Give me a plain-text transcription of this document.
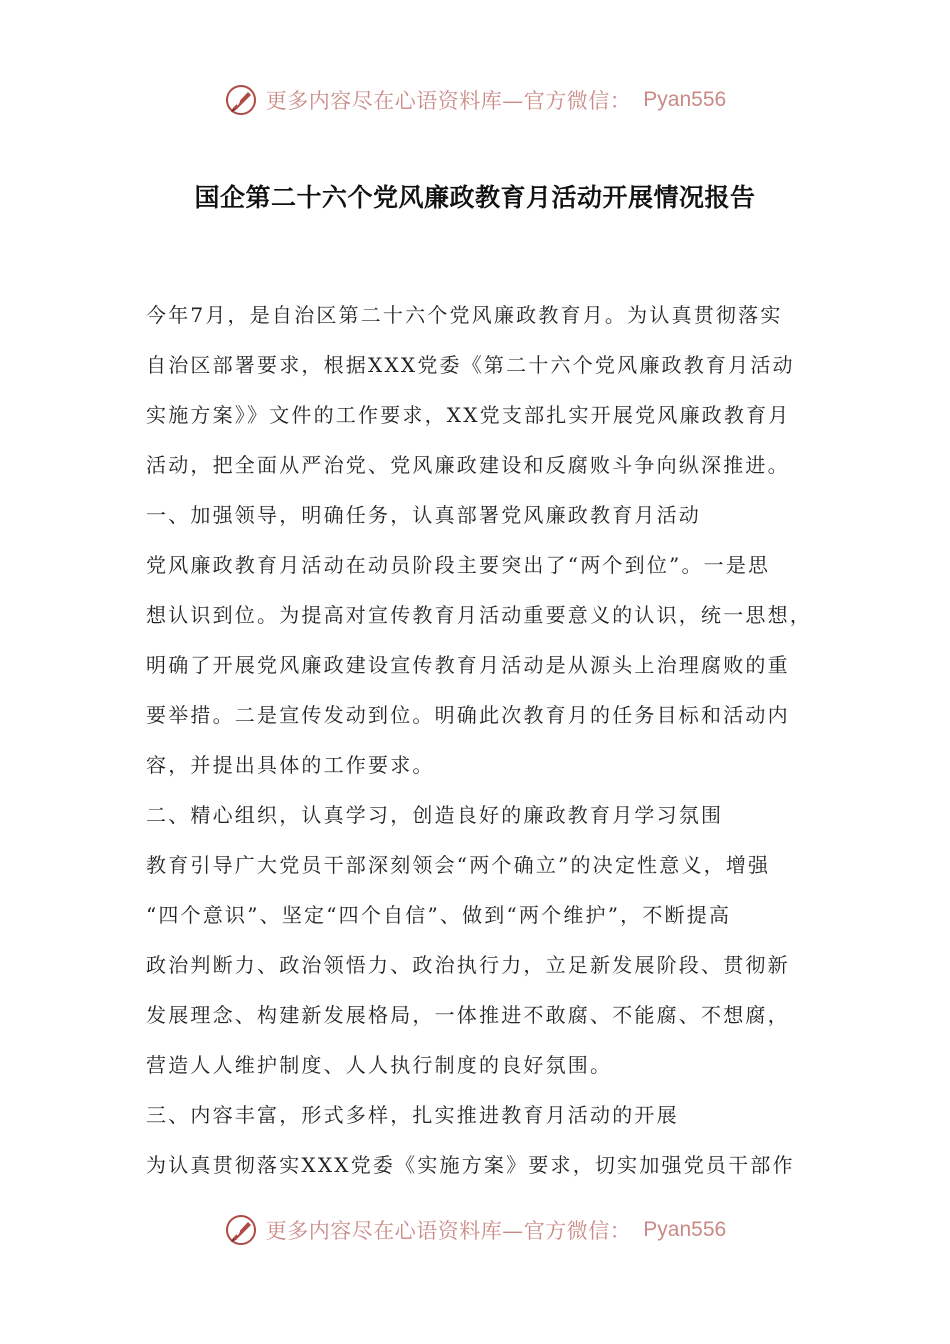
更多内容尽在心语资料库—官方微信： Pyan556
国企第二十六个党风廉政教育月活动开展情况报告
今年7月，是自治区第二十六个党风廉政教育月。为认真贯彻落实
自治区部署要求，根据XXX党委《第二十六个党风廉政教育月活动
实施方案》》文件的工作要求，XX党支部扎实开展党风廉政教育月
活动，把全面从严治党、党风廉政建设和反腐败斗争向纵深推进。
一、加强领导，明确任务，认真部署党风廉政教育月活动
党风廉政教育月活动在动员阶段主要突出了“两个到位”。一是思
想认识到位。为提高对宣传教育月活动重要意义的认识，统一思想，
明确了开展党风廉政建设宣传教育月活动是从源头上治理腐败的重
要举措。二是宣传发动到位。明确此次教育月的任务目标和活动内
容，并提出具体的工作要求。
二、精心组织，认真学习，创造良好的廉政教育月学习氛围
教育引导广大党员干部深刻领会“两个确立”的决定性意义，增强
“四个意识”、坚定“四个自信”、做到“两个维护”，不断提高
政治判断力、政治领悟力、政治执行力，立足新发展阶段、贯彻新
发展理念、构建新发展格局，一体推进不敢腐、不能腐、不想腐，
营造人人维护制度、人人执行制度的良好氛围。
三、内容丰富，形式多样，扎实推进教育月活动的开展
为认真贯彻落实XXX党委《实施方案》要求，切实加强党员干部作
更多内容尽在心语资料库—官方微信： Pyan556
